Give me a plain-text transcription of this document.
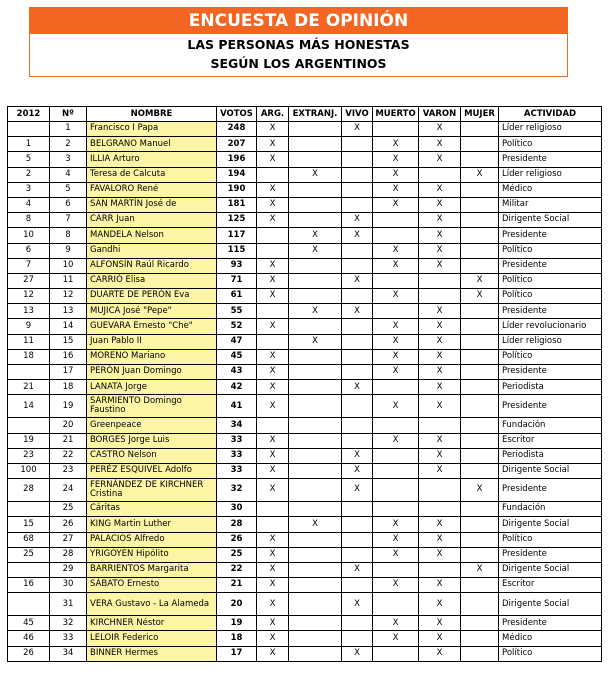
ENCUESTA DE OPINIÓN
LAS PERSONAS MÁS HONESTAS
SEGÚN LOS ARGENTINOS
2012	Nº	NOMBRE	VOTOS	ARG.	EXTRANJ.	VIVO	MUERTO	VARON	MUJER	ACTIVIDAD
	1	Francisco I Papa	248	X		X		X		Líder religioso
1	2	BELGRANO Manuel	207	X			X	X		Político
5	3	ILLIA Arturo	196	X			X	X		Presidente
2	4	Teresa de Calcuta	194		X		X		X	Líder religioso
3	5	FAVALORO René	190	X			X	X		Médico
4	6	SAN MARTÍN José de	181	X			X	X		Militar
8	7	CARR Juan	125	X		X		X		Dirigente Social
10	8	MANDELA Nelson	117		X	X		X		Presidente
6	9	Gandhi	115		X		X	X		Político
7	10	ALFONSÍN Raúl Ricardo	93	X			X	X		Presidente
27	11	CARRIÓ Elisa	71	X		X			X	Político
12	12	DUARTE DE PERÓN Eva	61	X			X		X	Político
13	13	MUJICA José "Pepe"	55		X	X		X		Presidente
9	14	GUEVARA Ernesto "Che"	52	X			X	X		Líder revolucionario
11	15	Juan Pablo II	47		X		X	X		Líder religioso
18	16	MORENO Mariano	45	X			X	X		Político
	17	PERÓN Juan Domingo	43	X			X	X		Presidente
21	18	LANATA Jorge	42	X		X		X		Periodista
14	19	SARMIENTO Domingo Faustino	41	X			X	X		Presidente
	20	Greenpeace	34							Fundación
19	21	BORGES Jorge Luis	33	X			X	X		Escritor
23	22	CASTRO Nelson	33	X		X		X		Periodista
100	23	PERÉZ ESQUIVEL Adolfo	33	X		X		X		Dirigente Social
28	24	FERNÁNDEZ DE KIRCHNER Cristina	32	X		X			X	Presidente
	25	Cáritas	30							Fundación
15	26	KING Martin Luther	28		X		X	X		Dirigente Social
68	27	PALACIOS Alfredo	26	X			X	X		Político
25	28	YRIGOYEN Hipólito	25	X			X	X		Presidente
	29	BARRIENTOS Margarita	22	X		X			X	Dirigente Social
16	30	SÁBATO Ernesto	21	X			X	X		Escritor
	31	VERA Gustavo - La Alameda	20	X		X		X		Dirigente Social
45	32	KIRCHNER Néstor	19	X			X	X		Presidente
46	33	LELOIR Federico	18	X			X	X		Médico
26	34	BINNER Hermes	17	X		X		X		Político
